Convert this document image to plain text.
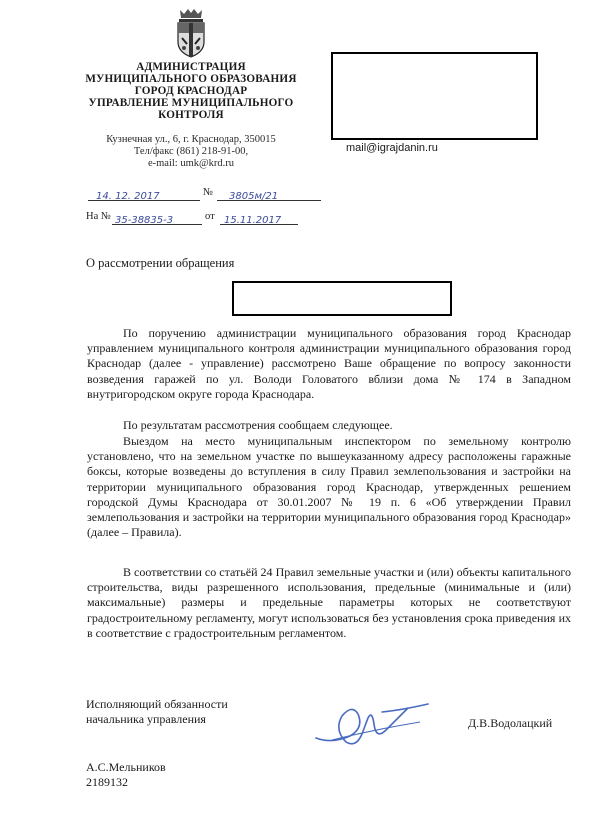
АДМИНИСТРАЦИЯ
МУНИЦИПАЛЬНОГО ОБРАЗОВАНИЯ
ГОРОД КРАСНОДАР
УПРАВЛЕНИЕ МУНИЦИПАЛЬНОГО
КОНТРОЛЯ
Кузнечная ул., 6, г. Краснодар, 350015
Тел/факс (861) 218-91-00,
e-mail: umk@krd.ru
mail@igrajdanin.ru
14. 12. 2017	№	3805м/21
На № 35-38835-3	от 15.11.2017
О рассмотрении обращения
По поручению администрации муниципального образования город Краснодар управлением муниципального контроля администрации муниципального образования город Краснодар (далее - управление) рассмотрено Ваше обращение по вопросу законности возведения гаражей по ул. Володи Головатого вблизи дома № 174 в Западном внутригородском округе города Краснодара.
По результатам рассмотрения сообщаем следующее.
Выездом на место муниципальным инспектором по земельному контролю установлено, что на земельном участке по вышеуказанному адресу расположены гаражные боксы, которые возведены до вступления в силу Правил землепользования и застройки на территории муниципального образования город Краснодар, утвержденных решением городской Думы Краснодара от 30.01.2007 № 19 п. 6 «Об утверждении Правил землепользования и застройки на территории муниципального образования город Краснодар» (далее – Правила).
В соответствии со статьёй 24 Правил земельные участки и (или) объекты капитального строительства, виды разрешенного использования, предельные (минимальные и (или) максимальные) размеры и предельные параметры которых не соответствуют градостроительному регламенту, могут использоваться без установления срока приведения их в соответствие с градостроительным регламентом.
Исполняющий обязанности
начальника управления	Д.В.Водолацкий
А.С.Мельников
2189132
